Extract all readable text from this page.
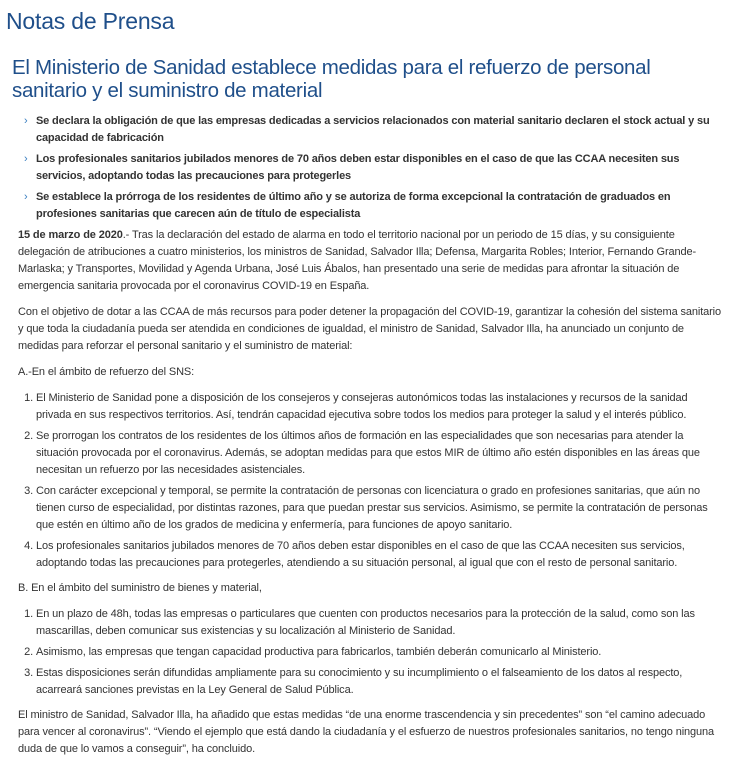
Notas de Prensa
El Ministerio de Sanidad establece medidas para el refuerzo de personal sanitario y el suministro de material
› Se declara la obligación de que las empresas dedicadas a servicios relacionados con material sanitario declaren el stock actual y su capacidad de fabricación
› Los profesionales sanitarios jubilados menores de 70 años deben estar disponibles en el caso de que las CCAA necesiten sus servicios, adoptando todas las precauciones para protegerles
› Se establece la prórroga de los residentes de último año y se autoriza de forma excepcional la contratación de graduados en profesiones sanitarias que carecen aún de título de especialista

15 de marzo de 2020.- Tras la declaración del estado de alarma en todo el territorio nacional por un periodo de 15 días, y su consiguiente delegación de atribuciones a cuatro ministerios, los ministros de Sanidad, Salvador Illa; Defensa, Margarita Robles; Interior, Fernando Grande-Marlaska; y Transportes, Movilidad y Agenda Urbana, José Luis Ábalos, han presentado una serie de medidas para afrontar la situación de emergencia sanitaria provocada por el coronavirus COVID-19 en España.

Con el objetivo de dotar a las CCAA de más recursos para poder detener la propagación del COVID-19, garantizar la cohesión del sistema sanitario y que toda la ciudadanía pueda ser atendida en condiciones de igualdad, el ministro de Sanidad, Salvador Illa, ha anunciado un conjunto de medidas para reforzar el personal sanitario y el suministro de material:

A.-En el ámbito de refuerzo del SNS:

1. El Ministerio de Sanidad pone a disposición de los consejeros y consejeras autonómicos todas las instalaciones y recursos de la sanidad privada en sus respectivos territorios. Así, tendrán capacidad ejecutiva sobre todos los medios para proteger la salud y el interés público.
2. Se prorrogan los contratos de los residentes de los últimos años de formación en las especialidades que son necesarias para atender la situación provocada por el coronavirus. Además, se adoptan medidas para que estos MIR de último año estén disponibles en las áreas que necesitan un refuerzo por las necesidades asistenciales.
3. Con carácter excepcional y temporal, se permite la contratación de personas con licenciatura o grado en profesiones sanitarias, que aún no tienen curso de especialidad, por distintas razones, para que puedan prestar sus servicios. Asimismo, se permite la contratación de personas que estén en último año de los grados de medicina y enfermería, para funciones de apoyo sanitario.
4. Los profesionales sanitarios jubilados menores de 70 años deben estar disponibles en el caso de que las CCAA necesiten sus servicios, adoptando todas las precauciones para protegerles, atendiendo a su situación personal, al igual que con el resto de personal sanitario.

B. En el ámbito del suministro de bienes y material,

1. En un plazo de 48h, todas las empresas o particulares que cuenten con productos necesarios para la protección de la salud, como son las mascarillas, deben comunicar sus existencias y su localización al Ministerio de Sanidad.
2. Asimismo, las empresas que tengan capacidad productiva para fabricarlos, también deberán comunicarlo al Ministerio.
3. Estas disposiciones serán difundidas ampliamente para su conocimiento y su incumplimiento o el falseamiento de los datos al respecto, acarreará sanciones previstas en la Ley General de Salud Pública.

El ministro de Sanidad, Salvador Illa, ha añadido que estas medidas “de una enorme trascendencia y sin precedentes” son “el camino adecuado para vencer al coronavirus”. “Viendo el ejemplo que está dando la ciudadanía y el esfuerzo de nuestros profesionales sanitarios, no tengo ninguna duda de que lo vamos a conseguir”, ha concluido.
